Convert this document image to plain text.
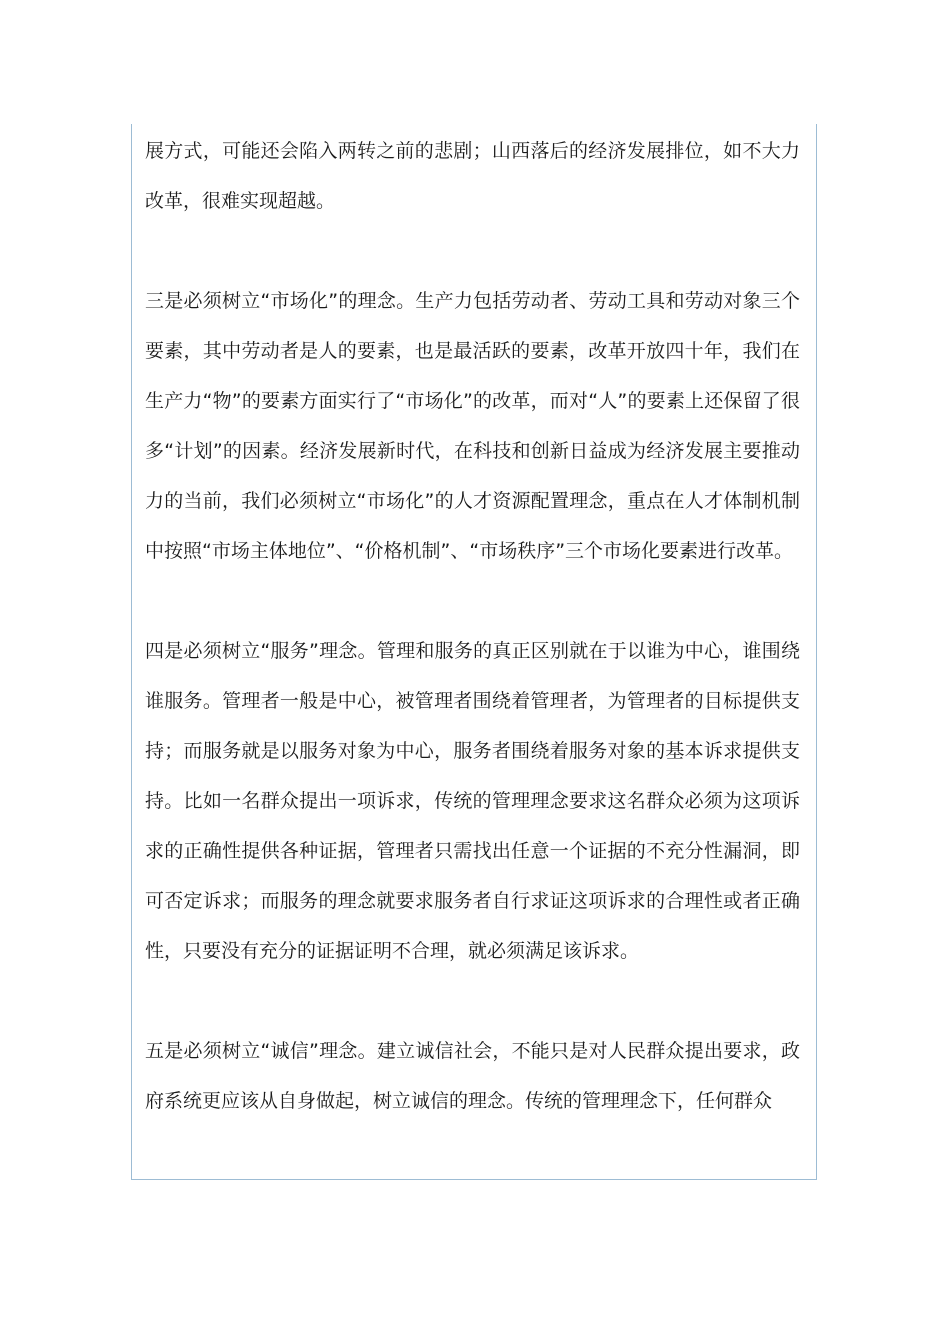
展方式，可能还会陷入两转之前的悲剧；山西落后的经济发展排位，如不大力改革，很难实现超越。

三是必须树立“市场化”的理念。生产力包括劳动者、劳动工具和劳动对象三个要素，其中劳动者是人的要素，也是最活跃的要素，改革开放四十年，我们在生产力“物”的要素方面实行了“市场化”的改革，而对“人”的要素上还保留了很多“计划”的因素。经济发展新时代，在科技和创新日益成为经济发展主要推动力的当前，我们必须树立“市场化”的人才资源配置理念，重点在人才体制机制中按照“市场主体地位”、“价格机制”、“市场秩序”三个市场化要素进行改革。

四是必须树立“服务”理念。管理和服务的真正区别就在于以谁为中心，谁围绕谁服务。管理者一般是中心，被管理者围绕着管理者，为管理者的目标提供支持；而服务就是以服务对象为中心，服务者围绕着服务对象的基本诉求提供支持。比如一名群众提出一项诉求，传统的管理理念要求这名群众必须为这项诉求的正确性提供各种证据，管理者只需找出任意一个证据的不充分性漏洞，即可否定诉求；而服务的理念就要求服务者自行求证这项诉求的合理性或者正确性，只要没有充分的证据证明不合理，就必须满足该诉求。

五是必须树立“诚信”理念。建立诚信社会，不能只是对人民群众提出要求，政府系统更应该从自身做起，树立诚信的理念。传统的管理理念下，任何群众
